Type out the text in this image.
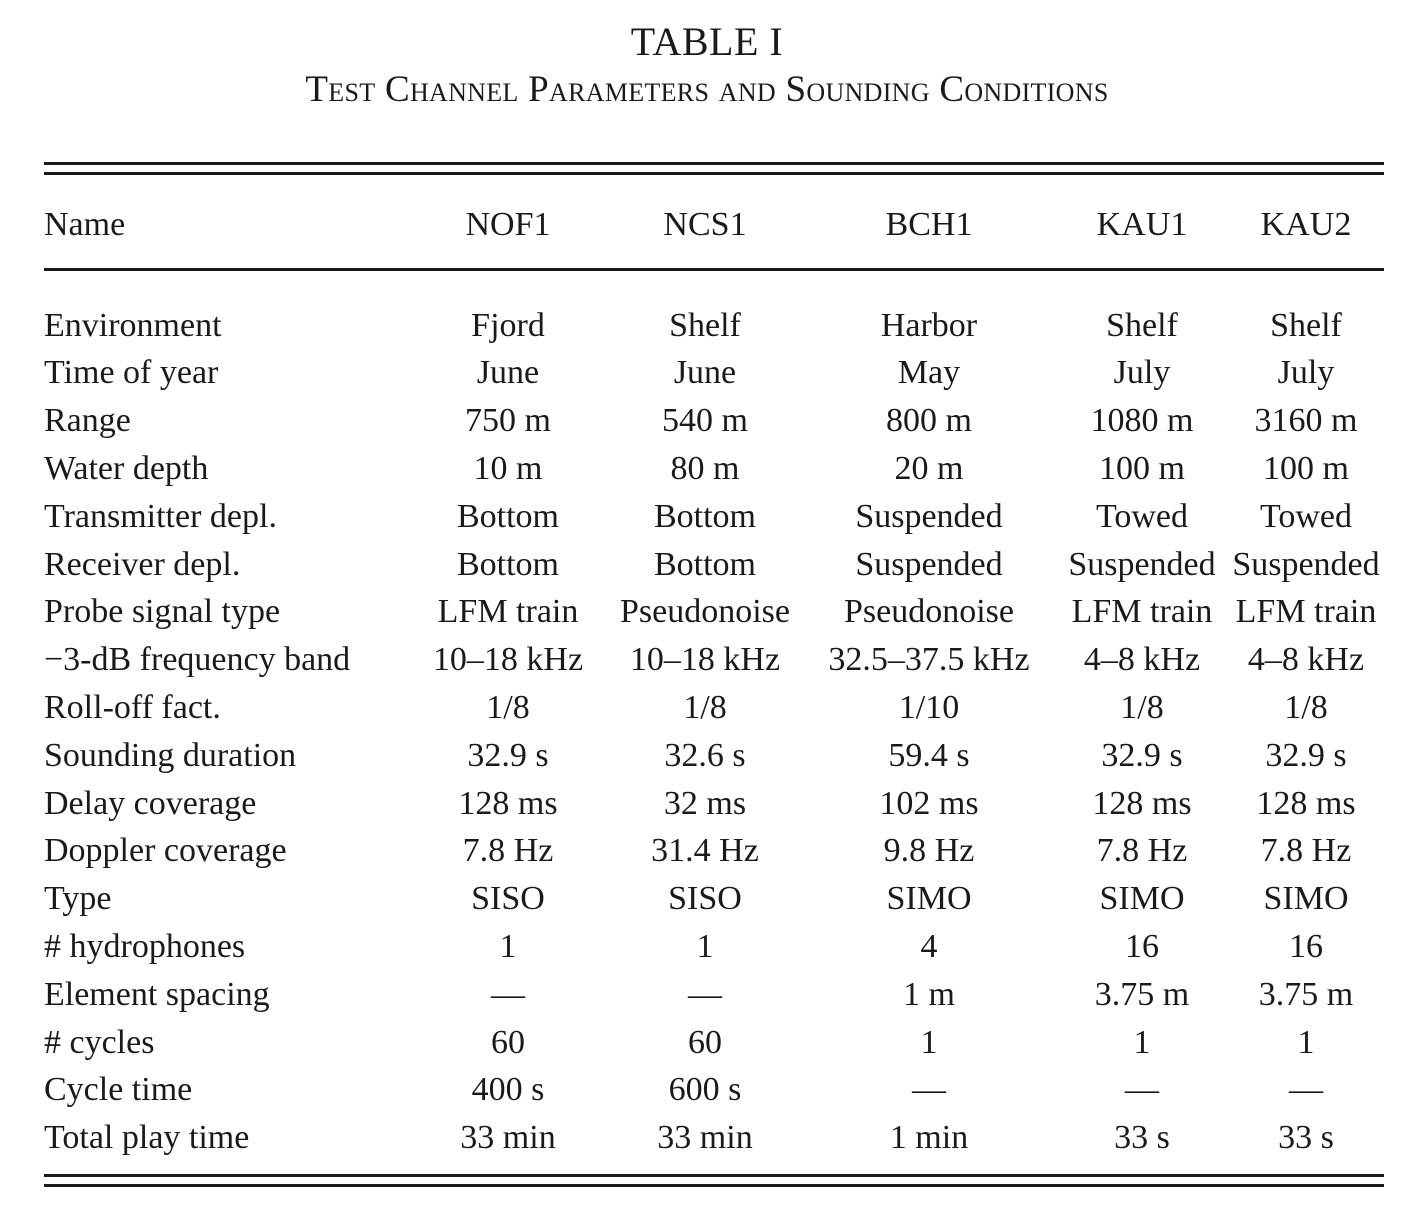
TABLE I
Test Channel Parameters and Sounding Conditions
Name	NOF1	NCS1	BCH1	KAU1	KAU2

Environment	Fjord	Shelf	Harbor	Shelf	Shelf
Time of year	June	June	May	July	July
Range	750 m	540 m	800 m	1080 m	3160 m
Water depth	10 m	80 m	20 m	100 m	100 m
Transmitter depl.	Bottom	Bottom	Suspended	Towed	Towed
Receiver depl.	Bottom	Bottom	Suspended	Suspended	Suspended
Probe signal type	LFM train	Pseudonoise	Pseudonoise	LFM train	LFM train
−3-dB frequency band	10–18 kHz	10–18 kHz	32.5–37.5 kHz	4–8 kHz	4–8 kHz
Roll-off fact.	1/8	1/8	1/10	1/8	1/8
Sounding duration	32.9 s	32.6 s	59.4 s	32.9 s	32.9 s
Delay coverage	128 ms	32 ms	102 ms	128 ms	128 ms
Doppler coverage	7.8 Hz	31.4 Hz	9.8 Hz	7.8 Hz	7.8 Hz
Type	SISO	SISO	SIMO	SIMO	SIMO
# hydrophones	1	1	4	16	16
Element spacing	—	—	1 m	3.75 m	3.75 m
# cycles	60	60	1	1	1
Cycle time	400 s	600 s	—	—	—
Total play time	33 min	33 min	1 min	33 s	33 s
